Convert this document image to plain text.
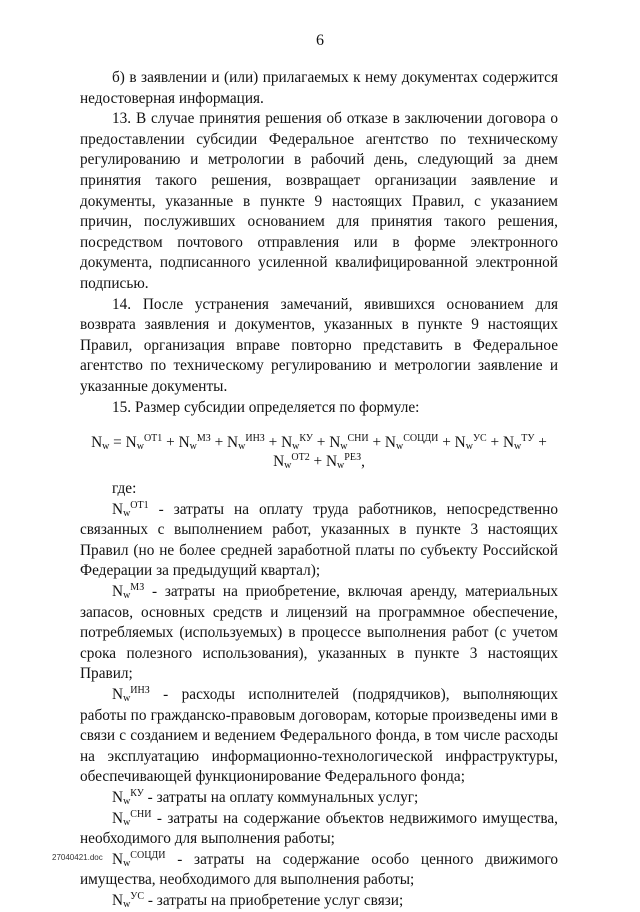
6

б) в заявлении и (или) прилагаемых к нему документах содержится недостоверная информация.

13. В случае принятия решения об отказе в заключении договора о предоставлении субсидии Федеральное агентство по техническому регулированию и метрологии в рабочий день, следующий за днем принятия такого решения, возвращает организации заявление и документы, указанные в пункте 9 настоящих Правил, с указанием причин, послуживших основанием для принятия такого решения, посредством почтового отправления или в форме электронного документа, подписанного усиленной квалифицированной электронной подписью.

14. После устранения замечаний, явившихся основанием для возврата заявления и документов, указанных в пункте 9 настоящих Правил, организация вправе повторно представить в Федеральное агентство по техническому регулированию и метрологии заявление и указанные документы.

15. Размер субсидии определяется по формуле:

$N_w = N_w^{ОТ1} + N_w^{МЗ} + N_w^{ИНЗ} + N_w^{КУ} + N_w^{СНИ} + N_w^{СОЦДИ} + N_w^{УС} + N_w^{ТУ}$ +
$N_w^{ОТ2} + N_w^{РЕЗ}$,

где:

$N_w^{ОТ1}$ - затраты на оплату труда работников, непосредственно связанных с выполнением работ, указанных в пункте 3 настоящих Правил (но не более средней заработной платы по субъекту Российской Федерации за предыдущий квартал);

$N_w^{МЗ}$ - затраты на приобретение, включая аренду, материальных запасов, основных средств и лицензий на программное обеспечение, потребляемых (используемых) в процессе выполнения работ (с учетом срока полезного использования), указанных в пункте 3 настоящих Правил;

$N_w^{ИНЗ}$ - расходы исполнителей (подрядчиков), выполняющих работы по гражданско-правовым договорам, которые произведены ими в связи с созданием и ведением Федерального фонда, в том числе расходы на эксплуатацию информационно-технологической инфраструктуры, обеспечивающей функционирование Федерального фонда;

$N_w^{КУ}$ - затраты на оплату коммунальных услуг;

$N_w^{СНИ}$ - затраты на содержание объектов недвижимого имущества, необходимого для выполнения работы;

$N_w^{СОЦДИ}$ - затраты на содержание особо ценного движимого имущества, необходимого для выполнения работы;

$N_w^{УС}$ - затраты на приобретение услуг связи;

27040421.doc
